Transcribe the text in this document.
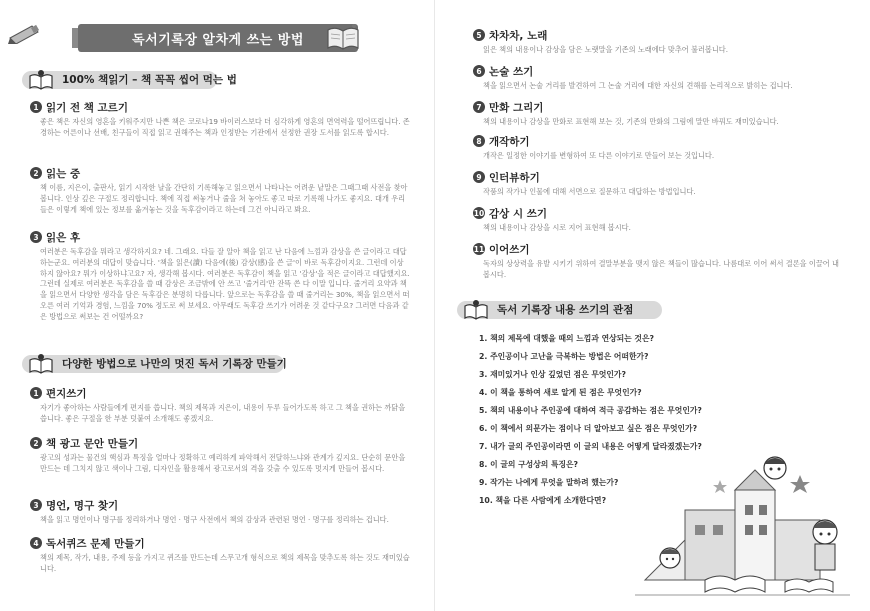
독서기록장 알차게 쓰는 방법
100% 책읽기 – 책 꼭꼭 씹어 먹는 법
1 읽기 전 책 고르기
좋은 책은 자신의 영혼을 키워주지만 나쁜 책은 코로나19 바이러스보다 더 심각하게 영혼의 면역력을 떨어뜨립니다. 존경하는 어른이나 선배, 친구들이 직접 읽고 권해주는 책과 인정받는 기관에서 선정한 권장 도서를 읽도록 합시다.
2 읽는 중
책 이름, 지은이, 출판사, 읽기 시작한 날을 간단히 기록해놓고 읽으면서 나타나는 어려운 낱말은 그때그때 사전을 찾아봅니다. 인상 깊은 구절도 정리합니다. 책에 직접 써놓거나 줄을 쳐 놓아도 좋고 따로 기록해 나가도 좋지요. 대개 우리들은 이렇게 책에 있는 정보를 옮겨놓는 것을 독후감이라고 하는데 그건 아니라고 봐요.
3 읽은 후
여러분은 독후감을 뭐라고 생각하지요? 네. 그래요. 다들 잘 알아 책을 읽고 난 다음에 느낌과 감상을 쓴 글이라고 대답하는군요. 여러분의 대답이 맞습니다. '책을 읽은(讀) 다음에(後) 감상(感)을 쓴 글'이 바로 독후감이지요. 그런데 이상하지 않아요? 뭐가 이상하냐고요? 자, 생각해 봅시다. 여러분은 독후감이 책을 읽고 '감상'을 적은 글이라고 대답했지요. 그런데 실제로 여러분은 독후감을 쓸 때 감상은 조금밖에 안 쓰고 '줄거리'만 잔뜩 쓴 다 이말 입니다. 줄거리 요약과 책을 읽으면서 다양한 생각을 담은 독후감은 분명히 다릅니다. 앞으로는 독후감을 쓸 때 줄거리는 30%, 책을 읽으면서 떠오른 여러 기억과 경험, 느낌을 70% 정도로 써 보세요. 아무래도 독후감 쓰기가 어려운 것 같다구요? 그러면 다음과 같은 방법으로 써보는 건 어떨까요?
다양한 방법으로 나만의 멋진 독서 기록장 만들기
1 편지쓰기
자기가 좋아하는 사람들에게 편지를 씁니다. 책의 제목과 지은이, 내용이 두루 들어가도록 하고 그 책을 권하는 까닭을 씁니다. 좋은 구절을 한 부분 덧붙여 소개해도 좋겠지요.
2 책 광고 문안 만들기
광고의 성과는 물건의 핵심과 특징을 얼마나 정확하고 예리하게 파악해서 전달하느냐와 관계가 깊지요. 단순히 문안을 만드는 데 그치지 않고 색이나 그림, 디자인을 활용해서 광고로서의 격을 갖출 수 있도록 멋지게 만들어 봅시다.
3 명언, 명구 찾기
책을 읽고 명언이나 명구를 정리하거나 명언 · 명구 사전에서 책의 감상과 관련된 명언 · 명구를 정리하는 겁니다.
4 독서퀴즈 문제 만들기
책의 제목, 작가, 내용, 주제 등을 가지고 퀴즈를 만드는데 스무고개 형식으로 책의 제목을 맞추도록 하는 것도 재미있습니다.
5 차차차, 노래
읽은 책의 내용이나 감상을 담은 노랫말을 기존의 노래에다 맞추어 불러봅니다.
6 논술 쓰기
책을 읽으면서 논술 거리를 발견하여 그 논술 거리에 대한 자신의 견해를 논리적으로 밝히는 겁니다.
7 만화 그리기
책의 내용이나 감상을 만화로 표현해 보는 것, 기존의 만화의 그림에 말만 바꿔도 재미있습니다.
8 개작하기
개작은 일정한 이야기를 변형하여 또 다른 이야기로 만들어 보는 것입니다.
9 인터뷰하기
작품의 작가나 인물에 대해 서면으로 질문하고 대답하는 방법입니다.
10 감상 시 쓰기
책의 내용이나 감상을 시로 지어 표현해 봅시다.
11 이어쓰기
독자의 상상력을 유발 시키기 위하여 결말부분을 맺지 않은 책들이 많습니다. 나름대로 이어 써서 결론을 이끌어 내 봅시다.
독서 기록장 내용 쓰기의 관점
1. 책의 제목에 대했을 때의 느낌과 연상되는 것은?
2. 주인공이나 고난을 극복하는 방법은 어떠한가?
3. 재미있거나 인상 깊었던 점은 무엇인가?
4. 이 책을 통하여 새로 알게 된 점은 무엇인가?
5. 책의 내용이나 주인공에 대하여 적극 공감하는 점은 무엇인가?
6. 이 책에서 의문가는 점이나 더 알아보고 싶은 점은 무엇인가?
7. 내가 글의 주인공이라면 이 글의 내용은 어떻게 달라졌겠는가?
8. 이 글의 구성상의 특징은?
9. 작가는 나에게 무엇을 말하려 했는가?
10. 책을 다른 사람에게 소개한다면?
